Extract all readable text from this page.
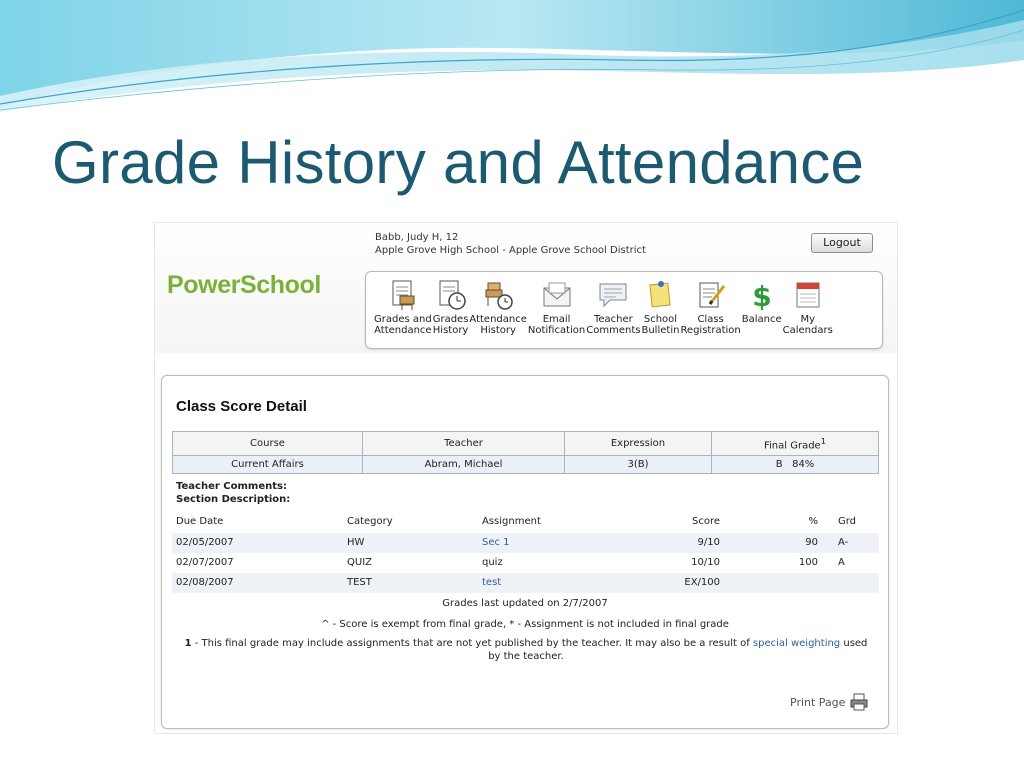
Grade History and Attendance
Babb, Judy H, 12
Apple Grove High School - Apple Grove School District
Logout
PowerSchool
Grades and
Attendance
Grades
History
Attendance
History
Email
Notification
Teacher
Comments
School
Bulletin
Class
Registration
$
Balance My
Calendars
Class Score Detail
Course	Teacher	Expression	Final Grade$^1$
Current Affairs	Abram, Michael	3(B)	B   84%
Teacher Comments:
Section Description:
Due Date	Category	Assignment	Score	% Grd
02/05/2007	HW	Sec 1	9/10	90 A-
02/07/2007	QUIZ	quiz	10/10	100 A
02/08/2007	TEST	test	EX/100
Grades last updated on 2/7/2007
^ - Score is exempt from final grade, * - Assignment is not included in final grade
1 - This final grade may include assignments that are not yet published by the teacher. It may also be a result of special weighting used by the teacher.
Print Page
